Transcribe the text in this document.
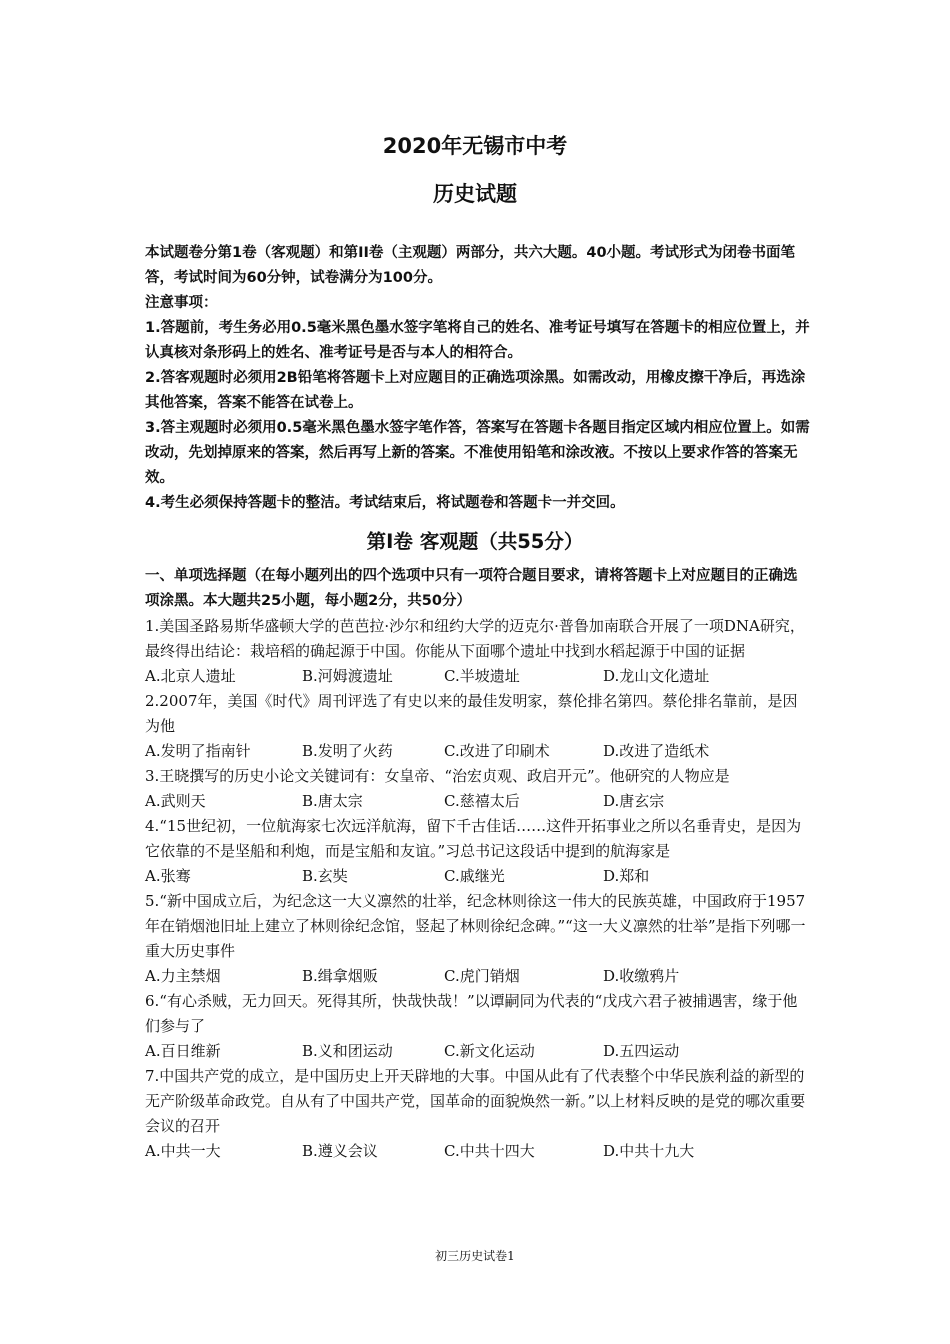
2020年无锡市中考
历史试题

本试题卷分第1卷（客观题）和第II卷（主观题）两部分，共六大题。40小题。考试形式为闭卷书面笔答，考试时间为60分钟，试卷满分为100分。

注意事项：

1.答题前，考生务必用0.5毫米黑色墨水签字笔将自己的姓名、准考证号填写在答题卡的相应位置上，并认真核对条形码上的姓名、准考证号是否与本人的相符合。

2.答客观题时必须用2B铅笔将答题卡上对应题目的正确选项涂黑。如需改动，用橡皮擦干净后，再选涂其他答案，答案不能答在试卷上。

3.答主观题时必须用0.5毫米黑色墨水签字笔作答，答案写在答题卡各题目指定区域内相应位置上。如需改动，先划掉原来的答案，然后再写上新的答案。不准使用铅笔和涂改液。不按以上要求作答的答案无效。

4.考生必须保持答题卡的整洁。考试结束后，将试题卷和答题卡一并交回。

第Ⅰ卷 客观题（共55分）

一、单项选择题（在每小题列出的四个选项中只有一项符合题目要求，请将答题卡上对应题目的正确选项涂黑。本大题共25小题，每小题2分，共50分）

1.美国圣路易斯华盛顿大学的芭芭拉·沙尔和纽约大学的迈克尔·普鲁加南联合开展了一项DNA研究，最终得出结论：栽培稻的确起源于中国。你能从下面哪个遗址中找到水稻起源于中国的证据

A.北京人遗址	B.河姆渡遗址	C.半坡遗址	D.龙山文化遗址

2.2007年，美国《时代》周刊评选了有史以来的最佳发明家，蔡伦排名第四。蔡伦排名靠前，是因为他

A.发明了指南针	B.发明了火药	C.改进了印刷术	D.改进了造纸术

3.王晓撰写的历史小论文关键词有：女皇帝、“治宏贞观、政启开元”。他研究的人物应是

A.武则天	B.唐太宗	C.慈禧太后	D.唐玄宗

4.“15世纪初，一位航海家七次远洋航海，留下千古佳话……这件开拓事业之所以名垂青史，是因为它依靠的不是坚船和利炮，而是宝船和友谊。”习总书记这段话中提到的航海家是

A.张骞	B.玄奘	C.戚继光	D.郑和

5.“新中国成立后，为纪念这一大义凛然的壮举，纪念林则徐这一伟大的民族英雄，中国政府于1957年在销烟池旧址上建立了林则徐纪念馆，竖起了林则徐纪念碑。”“这一大义凛然的壮举”是指下列哪一重大历史事件

A.力主禁烟	B.缉拿烟贩	C.虎门销烟	D.收缴鸦片

6.“有心杀贼，无力回天。死得其所，快哉快哉！”以谭嗣同为代表的“戊戌六君子被捕遇害，缘于他们参与了

A.百日维新	B.义和团运动	C.新文化运动	D.五四运动

7.中国共产党的成立，是中国历史上开天辟地的大事。中国从此有了代表整个中华民族利益的新型的无产阶级革命政党。自从有了中国共产党，国革命的面貌焕然一新。”以上材料反映的是党的哪次重要会议的召开

A.中共一大	B.遵义会议	C.中共十四大	D.中共十九大
初三历史试卷1
